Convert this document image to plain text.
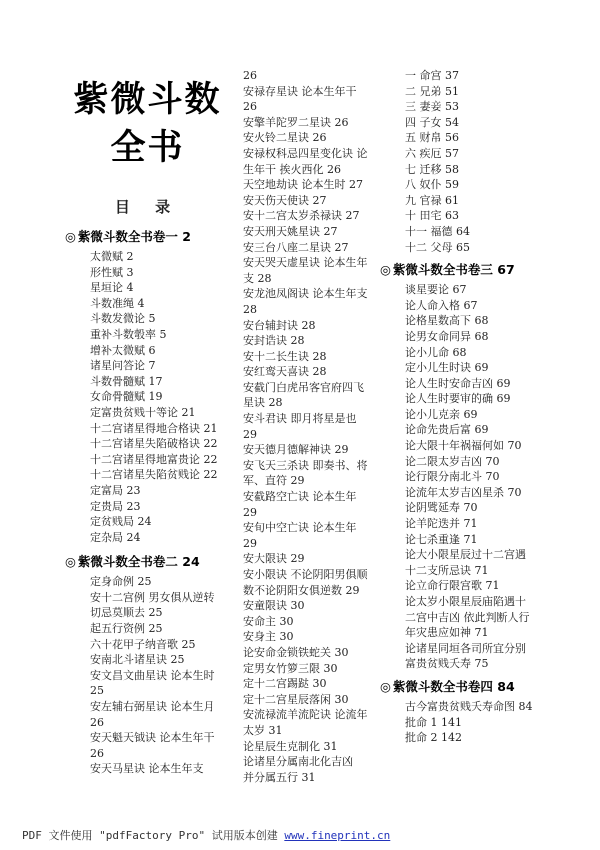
紫微斗数
全书
目 录
◎ 紫微斗数全书卷一 2
太微赋 2
形性赋 3
星垣论 4
斗数准绳 4
斗数发微论 5
重补斗数彀率 5
增补太微赋 6
诸星问答论 7
斗数骨髓赋 17
女命骨髓赋 19
定富贵贫贱十等论 21
十二宫诸星得地合格诀 21
十二宫诸星失陷破格诀 22
十二宫诸星得地富贵论 22
十二宫诸星失陷贫贱论 22
定富局 23
定贵局 23
定贫贱局 24
定杂局 24
◎ 紫微斗数全书卷二 24
定身命例 25
安十二宫例 男女俱从逆转
切忌莫顺去 25
起五行资例 25
六十花甲子纳音歌 25
安南北斗诸星诀 25
安文昌文曲星诀 论本生时
25
安左辅右弼星诀 论本生月
26
安天魁天钺诀 论本生年干
26
安天马星诀 论本生年支
26
安禄存星诀 论本生年干
26
安擎羊陀罗二星诀 26
安火铃二星诀 26
安禄权科忌四星变化诀 论
生年干 挨火西化 26
天空地劫诀 论本生时 27
安天伤天使诀 27
安十二宫太岁杀禄诀 27
安天刑天姚星诀 27
安三台八座二星诀 27
安天哭天虚星诀 论本生年
支 28
安龙池凤阁诀 论本生年支
28
安台辅封诀 28
安封诰诀 28
安十二长生诀 28
安红鸾天喜诀 28
安截门白虎吊客官府四飞
星诀 28
安斗君诀 即月将星是也
29
安天德月德解神诀 29
安飞天三杀诀 即奏书、将
军、直符 29
安截路空亡诀 论本生年
29
安旬中空亡诀 论本生年
29
安大限诀 29
安小限诀 不论阴阳男俱顺
数不论阴阳女俱逆数 29
安童限诀 30
安命主 30
安身主 30
论安命金锁铁蛇关 30
定男女竹箩三限 30
定十二宫踢跶 30
定十二宫星辰落闲 30
安流禄流羊流陀诀 论流年
太岁 31
论星辰生克制化 31
论诸星分属南北化吉凶
并分属五行 31
一 命宫 37
二 兄弟 51
三 妻妾 53
四 子女 54
五 财帛 56
六 疾厄 57
七 迁移 58
八 奴仆 59
九 官禄 61
十 田宅 63
十一 福德 64
十二 父母 65
◎ 紫微斗数全书卷三 67
谈星要论 67
论人命入格 67
论格星数高下 68
论男女命同异 68
论小儿命 68
定小儿生时诀 69
论人生时安命吉凶 69
论人生时要审的确 69
论小儿克亲 69
论命先贵后富 69
论大限十年祸福何如 70
论二限太岁吉凶 70
论行限分南北斗 70
论流年太岁吉凶星杀 70
论阴骘延寿 70
论羊陀迭并 71
论七杀重逢 71
论大小限星辰过十二宫遇
十二支所忌诀 71
论立命行限宫歌 71
论太岁小限星辰庙陷遇十
二宫中吉凶 依此判断人行
年灾患应如神 71
论诸星同垣各司所宜分别
富贵贫贱夭寿 75
◎ 紫微斗数全书卷四 84
古今富贵贫贱夭寿命图 84
批命 1 141
批命 2 142
PDF 文件使用 "pdfFactory Pro" 试用版本创建 www.fineprint.cn
